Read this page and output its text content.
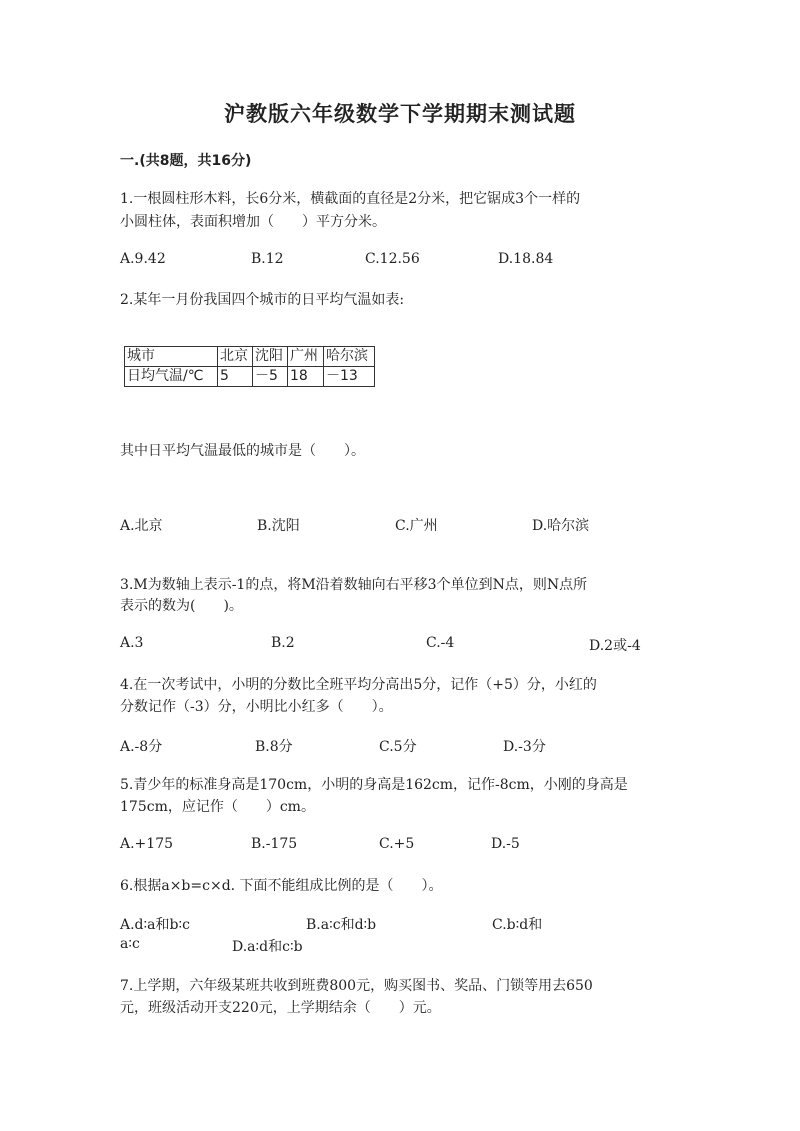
沪教版六年级数学下学期期末测试题
一.(共8题，共16分)
1.一根圆柱形木料，长6分米，横截面的直径是2分米，把它锯成3个一样的
小圆柱体，表面积增加（　　）平方分米。
A.9.42	B.12	C.12.56	D.18.84
2.某年一月份我国四个城市的日平均气温如表:
城市	北京	沈阳	广州	哈尔滨
日均气温/℃	5	－5	18	－13
其中日平均气温最低的城市是（　　）。
A.北京	B.沈阳	C.广州	D.哈尔滨
3.M为数轴上表示-1的点，将M沿着数轴向右平移3个单位到N点，则N点所
表示的数为(　　)。
A.3	B.2	C.-4	D.2或-4
4.在一次考试中，小明的分数比全班平均分高出5分，记作（+5）分，小红的
分数记作（-3）分，小明比小红多（　　）。
A.-8分	B.8分	C.5分	D.-3分
5.青少年的标准身高是170cm，小明的身高是162cm，记作-8cm，小刚的身高是
175cm，应记作（　　）cm。
A.+175	B.-175	C.+5	D.-5
6.根据a×b=c×d. 下面不能组成比例的是（　　）。
A.d∶a和b∶c	B.a∶c和d∶b	C.b∶d和
a∶c	D.a∶d和c∶b
7.上学期，六年级某班共收到班费800元，购买图书、奖品、门锁等用去650
元，班级活动开支220元，上学期结余（　　）元。
